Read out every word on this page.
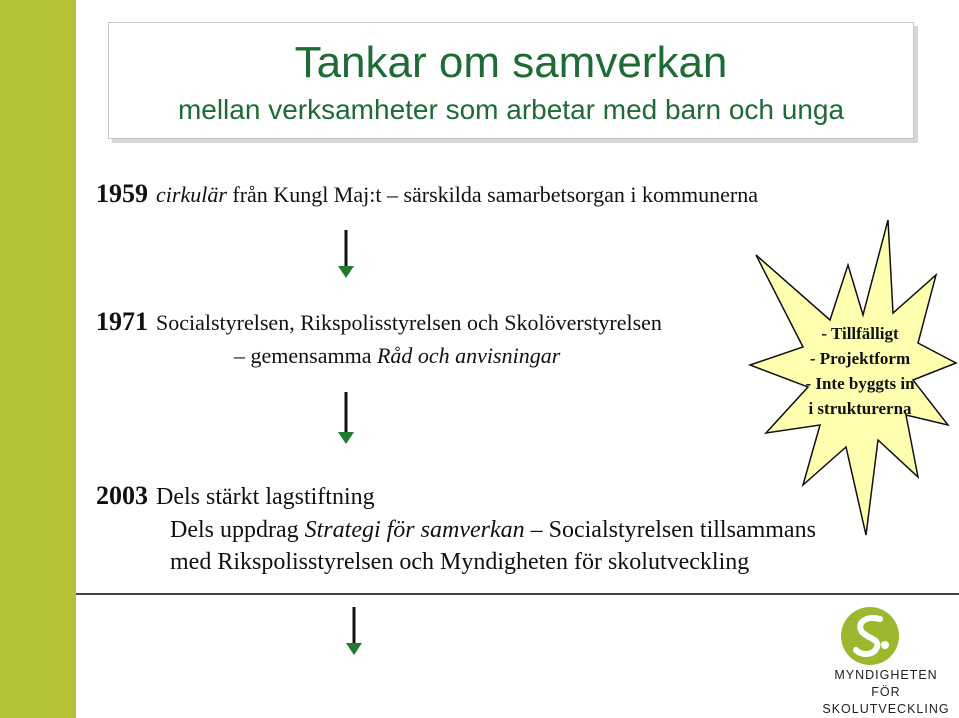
Tankar om samverkan
mellan verksamheter som arbetar med barn och unga
1959 cirkulär från Kungl Maj:t – särskilda samarbetsorgan i kommunerna
1971 Socialstyrelsen, Rikspolisstyrelsen och Skolöverstyrelsen
– gemensamma Råd och anvisningar
2003 Dels stärkt lagstiftning
Dels uppdrag Strategi för samverkan – Socialstyrelsen tillsammans
med Rikspolisstyrelsen och Myndigheten för skolutveckling
- Tillfälligt
- Projektform
- Inte byggts in
i strukturerna
MYNDIGHETEN FÖR
SKOLUTVECKLING
